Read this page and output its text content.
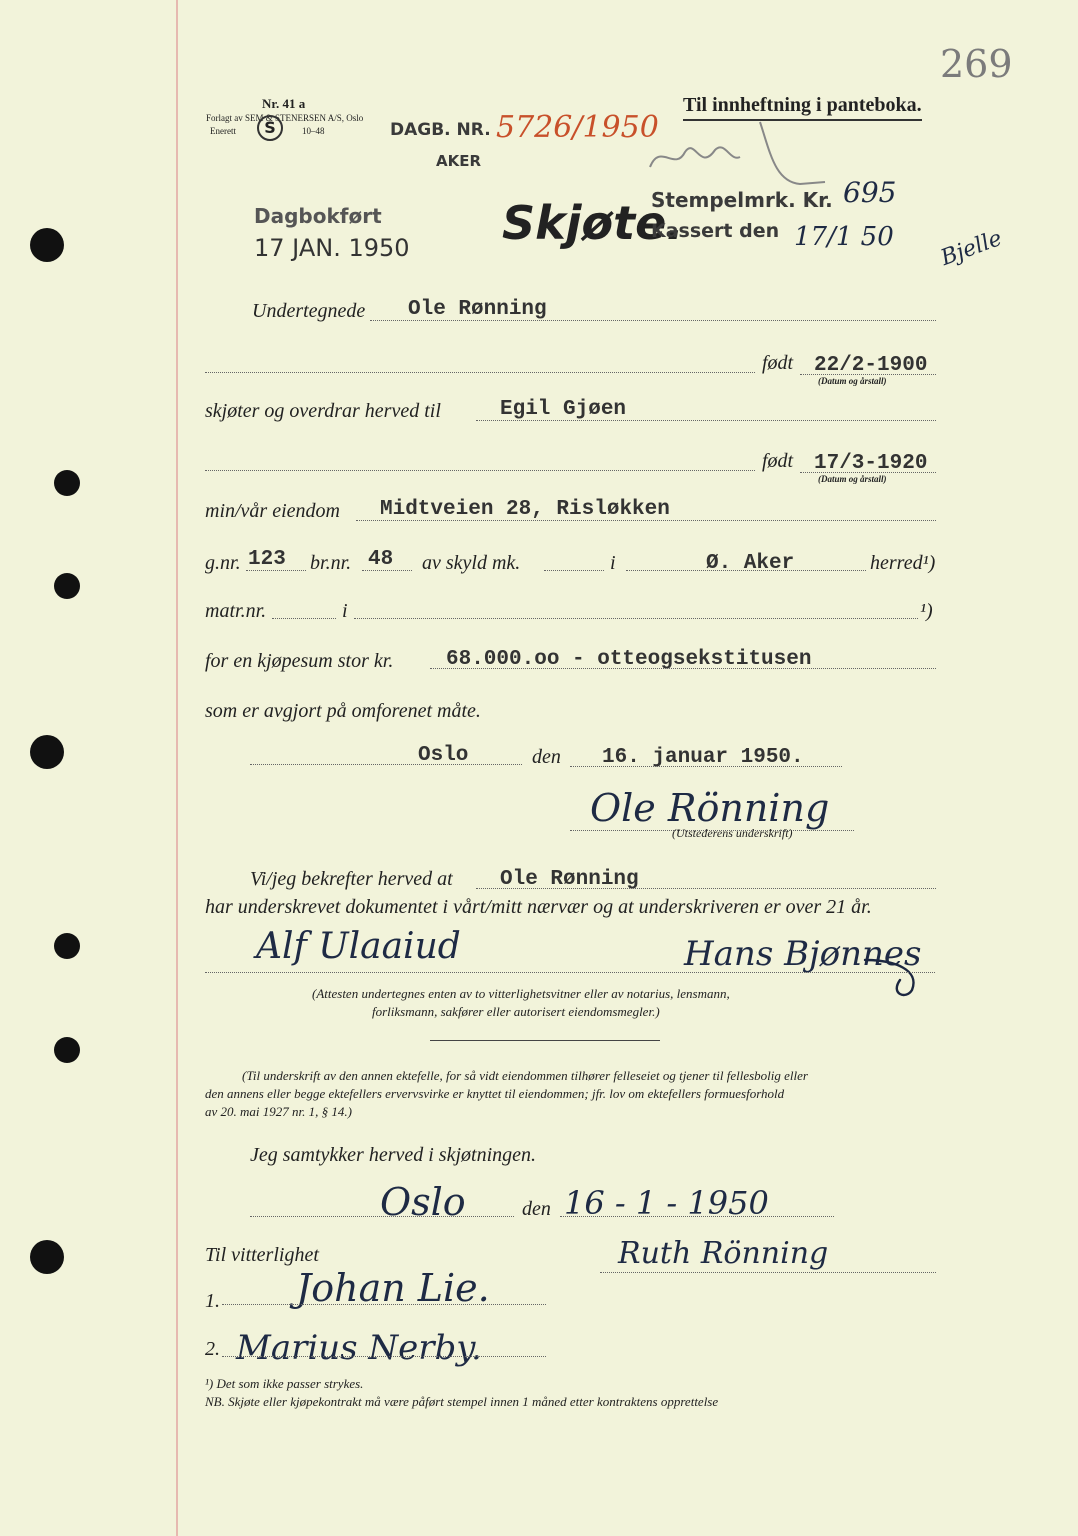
269
Nr. 41 a
Forlagt av SEM & STENERSEN A/S, Oslo
Enerett	10–48
S
Til innheftning i panteboka.
DAGB. NR. 5726/1950
AKER
Dagbokført
17 JAN. 1950 Skjøte.
Stempelmrk. Kr. 695
Kassert den 17/1 50 Bjelle
Undertegnede Ole Rønning
født 22/2-1900
(Datum og årstall)
skjøter og overdrar herved til	Egil Gjøen
født 17/3-1920
(Datum og årstall)
min/vår eiendom Midtveien 28, Risløkken
g.nr. 123 br.nr. 48 av skyld mk.	i	Ø. Aker	herred¹)
matr.nr.	i	¹)
for en kjøpesum stor kr.	68.000.oo - otteogsekstitusen
som er avgjort på omforenet måte.
Oslo	den 16. januar 1950.
Ole Rönning
(Utstederens underskrift)
Vi/jeg bekrefter herved at Ole Rønning
har underskrevet dokumentet i vårt/mitt nærvær og at underskriveren er over 21 år.
Alf Ulaaiud	Hans Bjønnes
(Attesten undertegnes enten av to vitterlighetsvitner eller av notarius, lensmann,
forliksmann, sakfører eller autorisert eiendomsmegler.)
(Til underskrift av den annen ektefelle, for så vidt eiendommen tilhører felleseiet og tjener til fellesbolig eller
den annens eller begge ektefellers ervervsvirke er knyttet til eiendommen; jfr. lov om ektefellers formuesforhold
av 20. mai 1927 nr. 1, § 14.)
Jeg samtykker herved i skjøtningen.
Oslo	den 16 - 1 - 1950
Til vitterlighet	Ruth Rönning
1. Johan Lie.
2. Marius Nerby.
¹) Det som ikke passer strykes.
NB. Skjøte eller kjøpekontrakt må være påført stempel innen 1 måned etter kontraktens opprettelse
